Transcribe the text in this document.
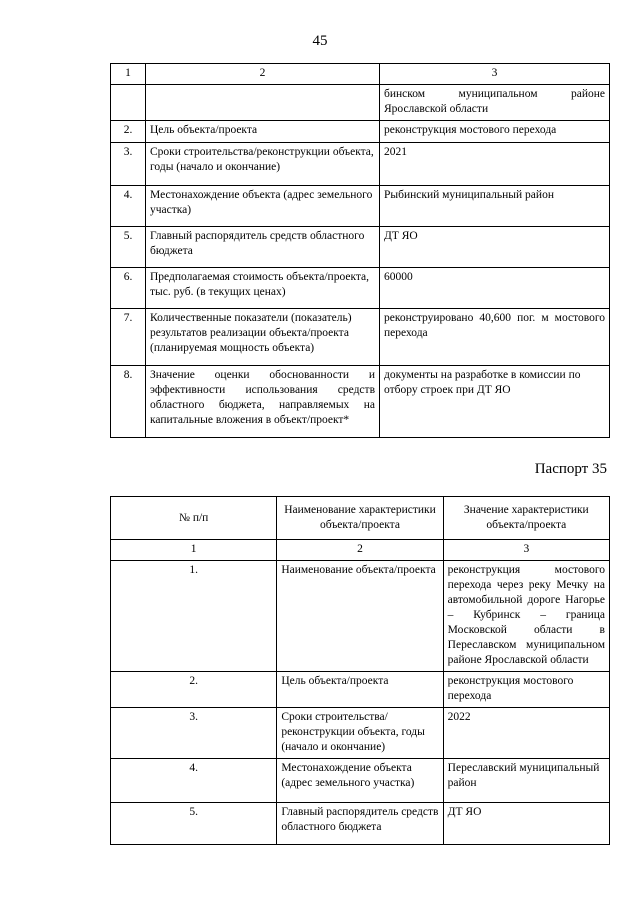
45
1	2	3
		бинском муниципальном районе Ярославской области
2.	Цель объекта/проекта	реконструкция мостового перехода
3.	Сроки строительства/реконструкции объекта, годы (начало и окончание)	2021
4.	Местонахождение объекта (адрес земельного участка)	Рыбинский муниципальный район
5.	Главный распорядитель средств областного бюджета	ДТ ЯО
6.	Предполагаемая стоимость объекта/проекта, тыс. руб. (в текущих ценах)	60000
7.	Количественные показатели (показатель) результатов реализации объекта/проекта (планируемая мощность объекта)	реконструировано 40,600 пог. м мостового перехода
8.	Значение оценки обоснованности и эффективности использования средств областного бюджета, направляемых на капитальные вложения в объект/проект*	документы на разработке в комиссии по отбору строек при ДТ ЯО
Паспорт 35
№ п/п	Наименование характеристики объекта/проекта	Значение характеристики объекта/проекта
1	2	3
1.	Наименование объекта/проекта	реконструкция мостового перехода через реку Мечку на автомобильной дороге Нагорье – Кубринск – граница Московской области в Переславском муниципальном районе Ярославской области
2.	Цель объекта/проекта	реконструкция мостового перехода
3.	Сроки строительства/реконструкции объекта, годы (начало и окончание)	2022
4.	Местонахождение объекта (адрес земельного участка)	Переславский муниципальный район
5.	Главный распорядитель средств областного бюджета	ДТ ЯО
